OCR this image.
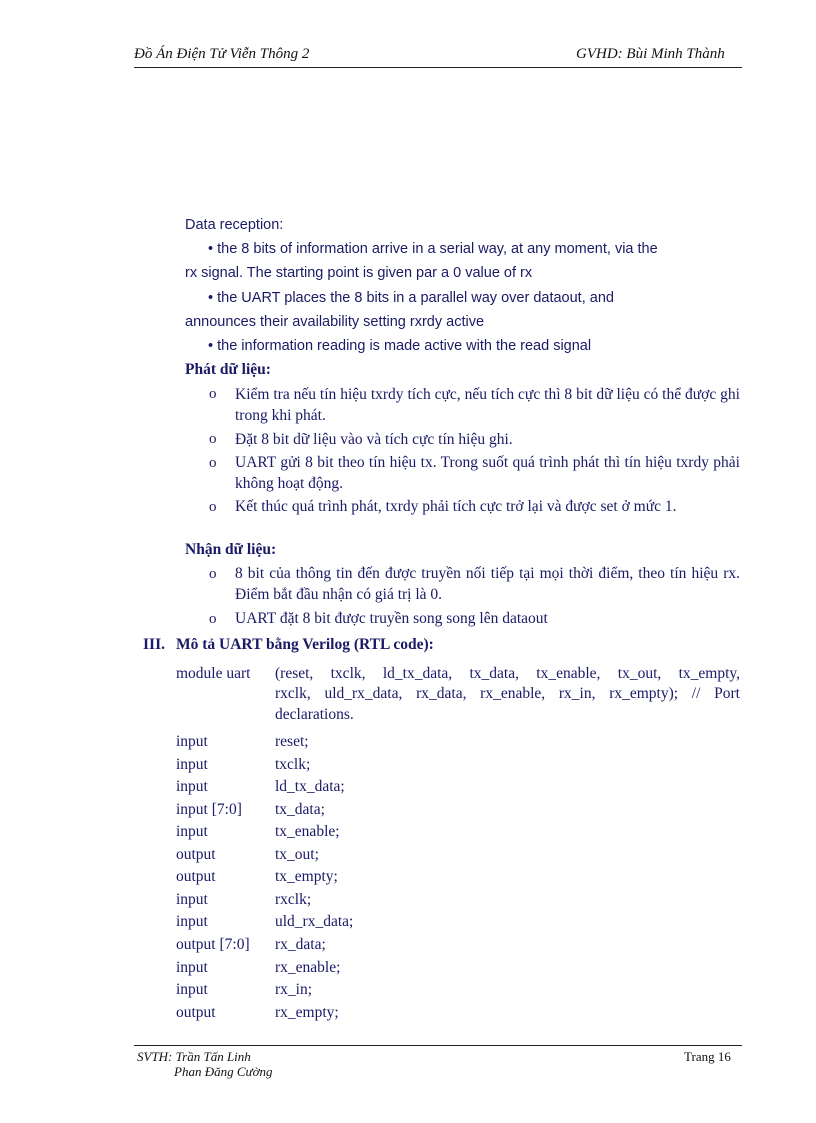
Đồ Án Điện Tử Viễn Thông 2	GVHD: Bùi Minh Thành
Data reception:
• the 8 bits of information arrive in a serial way, at any moment, via the
rx signal. The starting point is given par a 0 value of rx
• the UART places the 8 bits in a parallel way over dataout, and
announces their availability setting rxrdy active
• the information reading is made active with the read signal
Phát dữ liệu:
o Kiểm tra nếu tín hiệu txrdy tích cực, nếu tích cực thì 8 bit dữ liệu có thể được ghi trong khi phát.
o Đặt 8 bit dữ liệu vào và tích cực tín hiệu ghi.
o UART gửi 8 bit theo tín hiệu tx. Trong suốt quá trình phát thì tín hiệu txrdy phải không hoạt động.
o Kết thúc quá trình phát, txrdy phải tích cực trở lại và được set ở mức 1.
Nhận dữ liệu:
o 8 bit của thông tin đến được truyền nối tiếp tại mọi thời điểm, theo tín hiệu rx. Điểm bắt đầu nhận có giá trị là 0.
o UART đặt 8 bit được truyền song song lên dataout
III. Mô tả UART bằng Verilog (RTL code):
module uart (reset, txclk, ld_tx_data, tx_data, tx_enable, tx_out, tx_empty,
rxclk, uld_rx_data, rx_data, rx_enable, rx_in, rx_empty); // Port
declarations.
input	reset;
input	txclk;
input	ld_tx_data;
input [7:0] tx_data;
input	tx_enable;
output	tx_out;
output	tx_empty;
input	rxclk;
input	uld_rx_data;
output [7:0] rx_data;
input	rx_enable;
input	rx_in;
output	rx_empty;
SVTH: Trần Tấn Linh
Phan Đăng Cường
Trang 16
